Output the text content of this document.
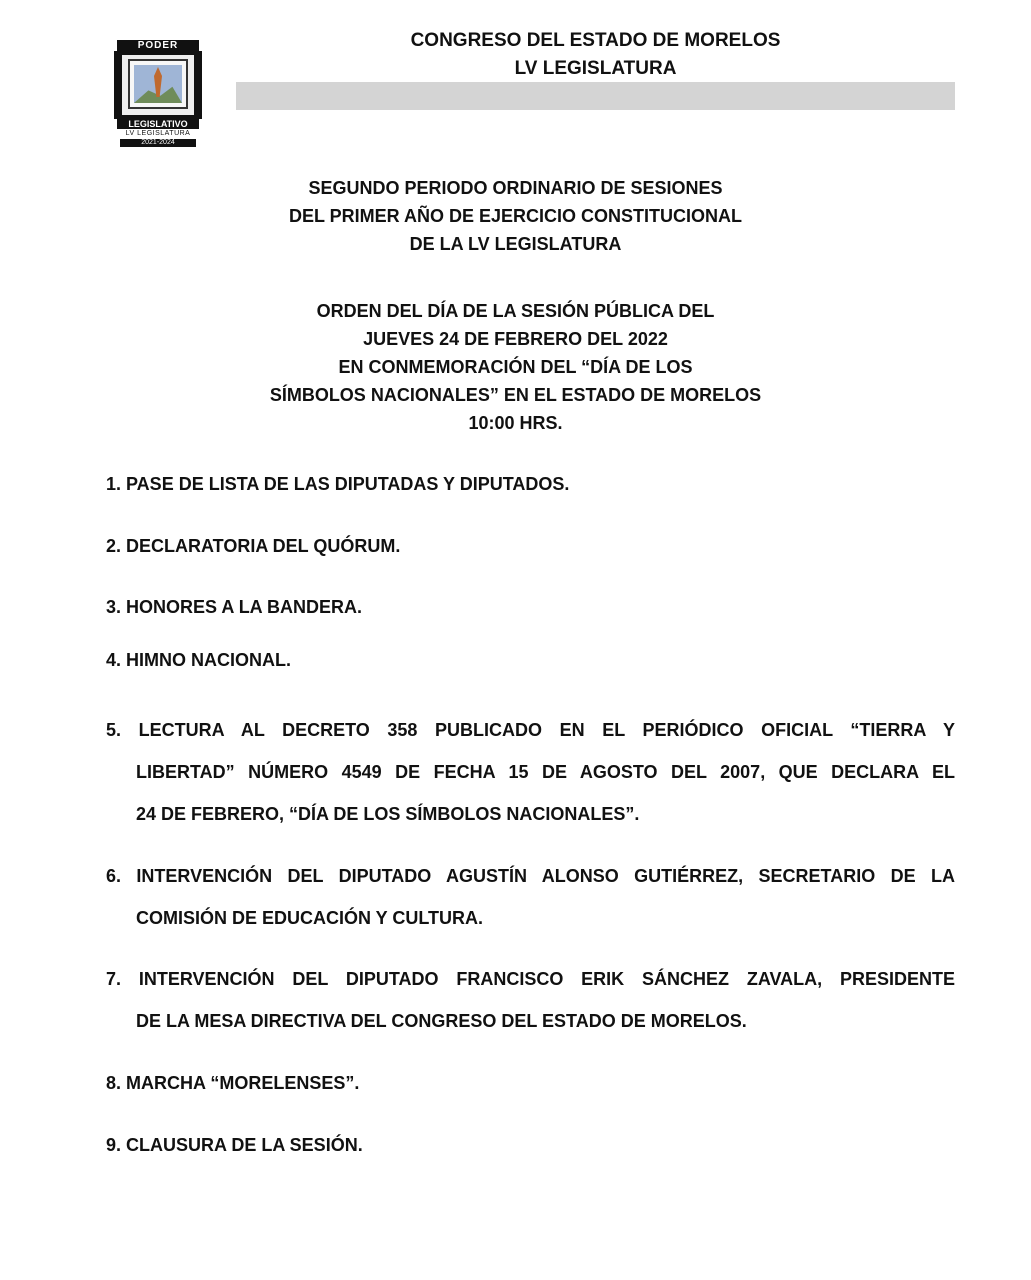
PODER
LEGISLATIVO
LV LEGISLATURA
2021-2024
CONGRESO DEL ESTADO DE MORELOS
LV LEGISLATURA
SEGUNDO PERIODO ORDINARIO DE SESIONES
DEL PRIMER AÑO DE EJERCICIO CONSTITUCIONAL
DE LA LV LEGISLATURA
ORDEN DEL DÍA DE LA SESIÓN PÚBLICA DEL
JUEVES 24 DE FEBRERO DEL 2022
EN CONMEMORACIÓN DEL “DÍA DE LOS
SÍMBOLOS NACIONALES” EN EL ESTADO DE MORELOS
10:00 HRS.
1. PASE DE LISTA DE LAS DIPUTADAS Y DIPUTADOS.
2. DECLARATORIA DEL QUÓRUM.
3. HONORES A LA BANDERA.
4. HIMNO NACIONAL.
5. LECTURA AL DECRETO 358 PUBLICADO EN EL PERIÓDICO OFICIAL “TIERRA Y
LIBERTAD” NÚMERO 4549 DE FECHA 15 DE AGOSTO DEL 2007, QUE DECLARA EL
24 DE FEBRERO, “DÍA DE LOS SÍMBOLOS NACIONALES”.
6. INTERVENCIÓN DEL DIPUTADO AGUSTÍN ALONSO GUTIÉRREZ, SECRETARIO DE LA
COMISIÓN DE EDUCACIÓN Y CULTURA.
7. INTERVENCIÓN DEL DIPUTADO FRANCISCO ERIK SÁNCHEZ ZAVALA, PRESIDENTE
DE LA MESA DIRECTIVA DEL CONGRESO DEL ESTADO DE MORELOS.
8. MARCHA “MORELENSES”.
9. CLAUSURA DE LA SESIÓN.
